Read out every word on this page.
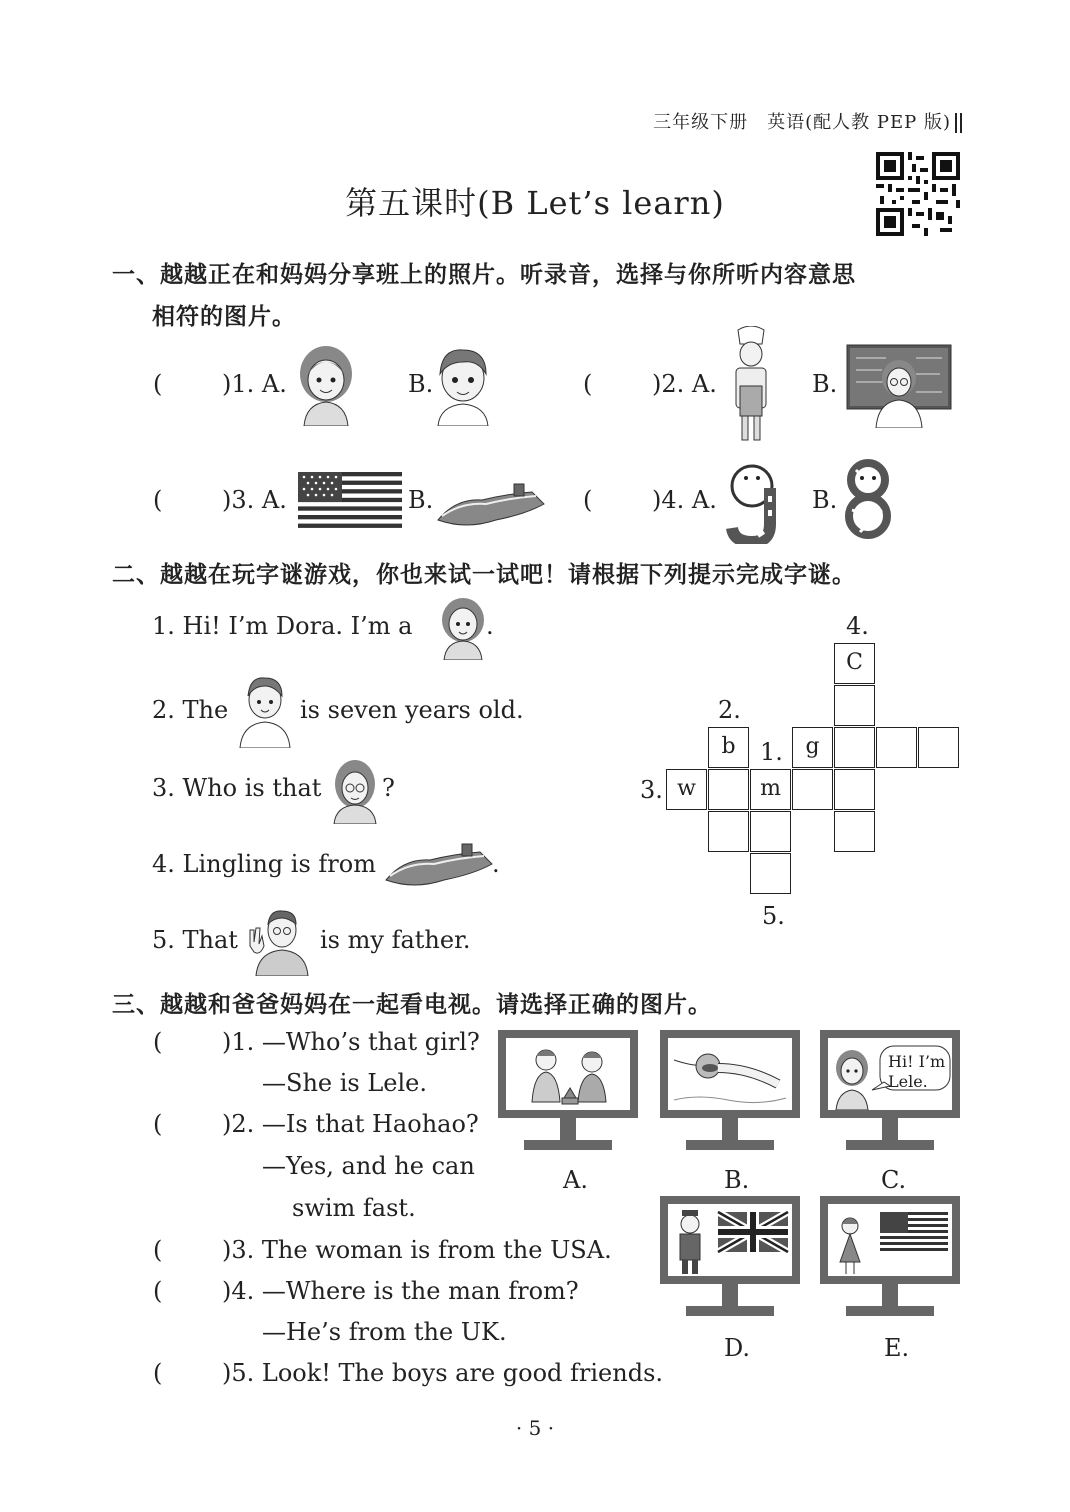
三年级下册　英语(配人教 PEP 版)
第五课时(B Let’s learn)
一、越越正在和妈妈分享班上的照片。听录音，选择与你所听内容意思
相符的图片。
( )1. A.	B.	( )2. A.	B.
( )3. A.	B.	( )4. A.	B.
二、越越在玩字谜游戏，你也来试一试吧！请根据下列提示完成字谜。
1. Hi! I’m Dora. I’m a	.
2. The	is seven years old.
3. Who is that	?
4. Lingling is from	.
5. That	is my father.
4.
C
2.
b	1.	g
3. w	m
5.
三、越越和爸爸妈妈在一起看电视。请选择正确的图片。
( )1. —Who’s that girl?
—She is Lele.
( )2. —Is that Haohao?
—Yes, and he can
swim fast.
( )3. The woman is from the USA.
( )4. —Where is the man from?
—He’s from the UK.
( )5. Look! The boys are good friends.
A.	B.
Hi! I’m
Lele.
C.
D.	E.
· 5 ·
